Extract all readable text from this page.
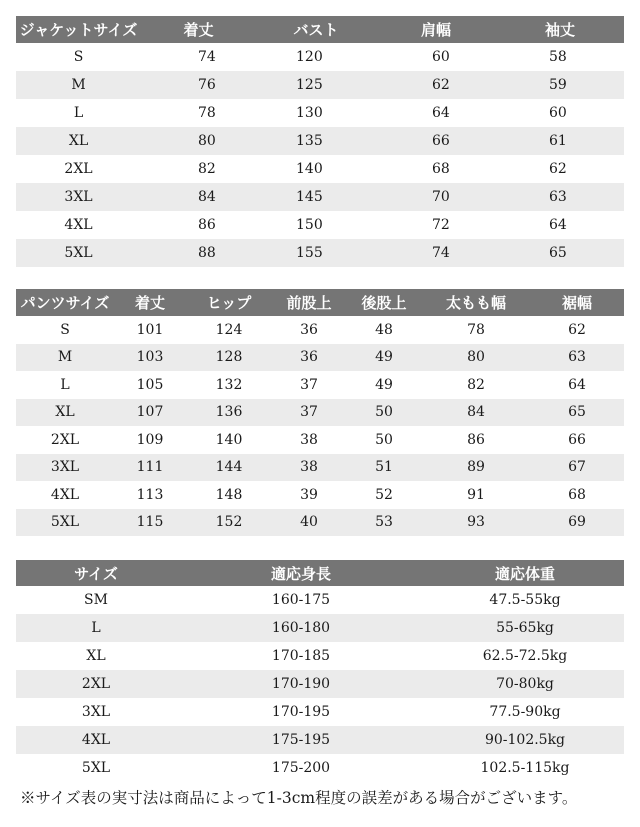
ジャケットサイズ	着丈	バスト	肩幅	袖丈
S	74	120	60	58
M	76	125	62	59
L	78	130	64	60
XL	80	135	66	61
2XL	82	140	68	62
3XL	84	145	70	63
4XL	86	150	72	64
5XL	88	155	74	65
パンツサイズ	着丈	ヒップ	前股上	後股上	太もも幅	裾幅
S	101	124	36	48	78	62
M	103	128	36	49	80	63
L	105	132	37	49	82	64
XL	107	136	37	50	84	65
2XL	109	140	38	50	86	66
3XL	111	144	38	51	89	67
4XL	113	148	39	52	91	68
5XL	115	152	40	53	93	69
サイズ	適応身長	適応体重
SM	160-175	47.5-55kg
L	160-180	55-65kg
XL	170-185	62.5-72.5kg
2XL	170-190	70-80kg
3XL	170-195	77.5-90kg
4XL	175-195	90-102.5kg
5XL	175-200	102.5-115kg

※サイズ表の実寸法は商品によって1-3cm程度の誤差がある場合がございます。
